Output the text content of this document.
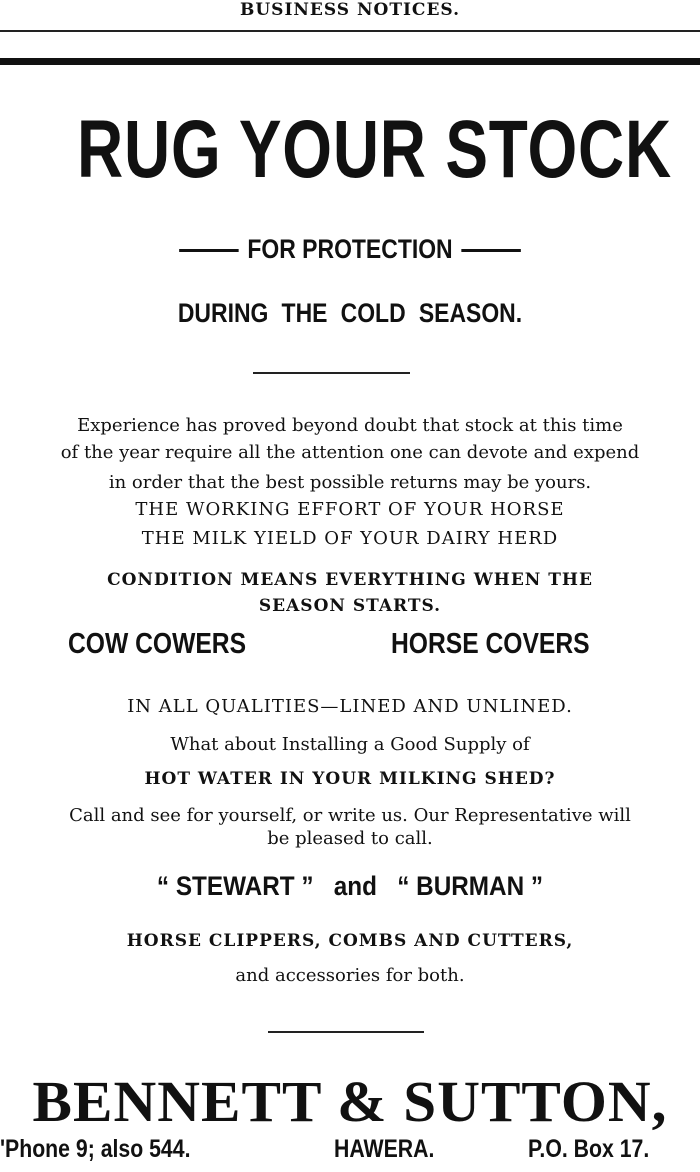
BUSINESS NOTICES.
RUG YOUR STOCK
FOR PROTECTION
DURING THE COLD SEASON.
Experience has proved beyond doubt that stock at this time
of the year require all the attention one can devote and expend
in order that the best possible returns may be yours.
THE WORKING EFFORT OF YOUR HORSE
THE MILK YIELD OF YOUR DAIRY HERD
CONDITION MEANS EVERYTHING WHEN THE
SEASON STARTS.
COW COWERS	HORSE COVERS
IN ALL QUALITIES—LINED AND UNLINED.
What about Installing a Good Supply of
HOT WATER IN YOUR MILKING SHED?
Call and see for yourself, or write us. Our Representative will
be pleased to call.
“ STEWART ” and “ BURMAN ”
HORSE CLIPPERS, COMBS AND CUTTERS,
and accessories for both.
BENNETT & SUTTON,
'Phone 9; also 544.	HAWERA.	P.O. Box 17.
